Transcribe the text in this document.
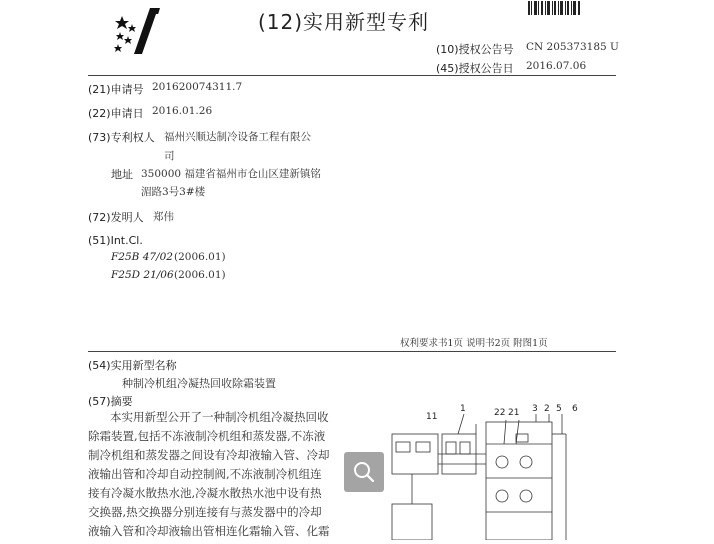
(12)实用新型专利
(10)授权公告号 CN 205373185 U
(45)授权公告日 2016.07.06
(21)申请号 201620074311.7
(22)申请日 2016.01.26
(73)专利权人 福州兴顺达制冷设备工程有限公
司
地址 350000 福建省福州市仓山区建新镇铭
湄路3号3#楼
(72)发明人 郑伟
(51)Int.Cl.
F25B 47/02 (2006.01)
F25D 21/06 (2006.01)
权利要求书1页 说明书2页 附图1页
(54)实用新型名称
种制冷机组冷凝热回收除霜装置
(57)摘要
本实用新型公开了一种制冷机组冷凝热回收
除霜装置,包括不冻液制冷机组和蒸发器,不冻液
制冷机组和蒸发器之间设有冷却液输入管、冷却
液输出管和冷却自动控制阀,不冻液制冷机组连
接有冷凝水散热水池,冷凝水散热水池中设有热
交换器,热交换器分别连接有与蒸发器中的冷却
液输入管和冷却液输出管相连化霜输入管、化霜
1	22 21 3 2 5 6
11
